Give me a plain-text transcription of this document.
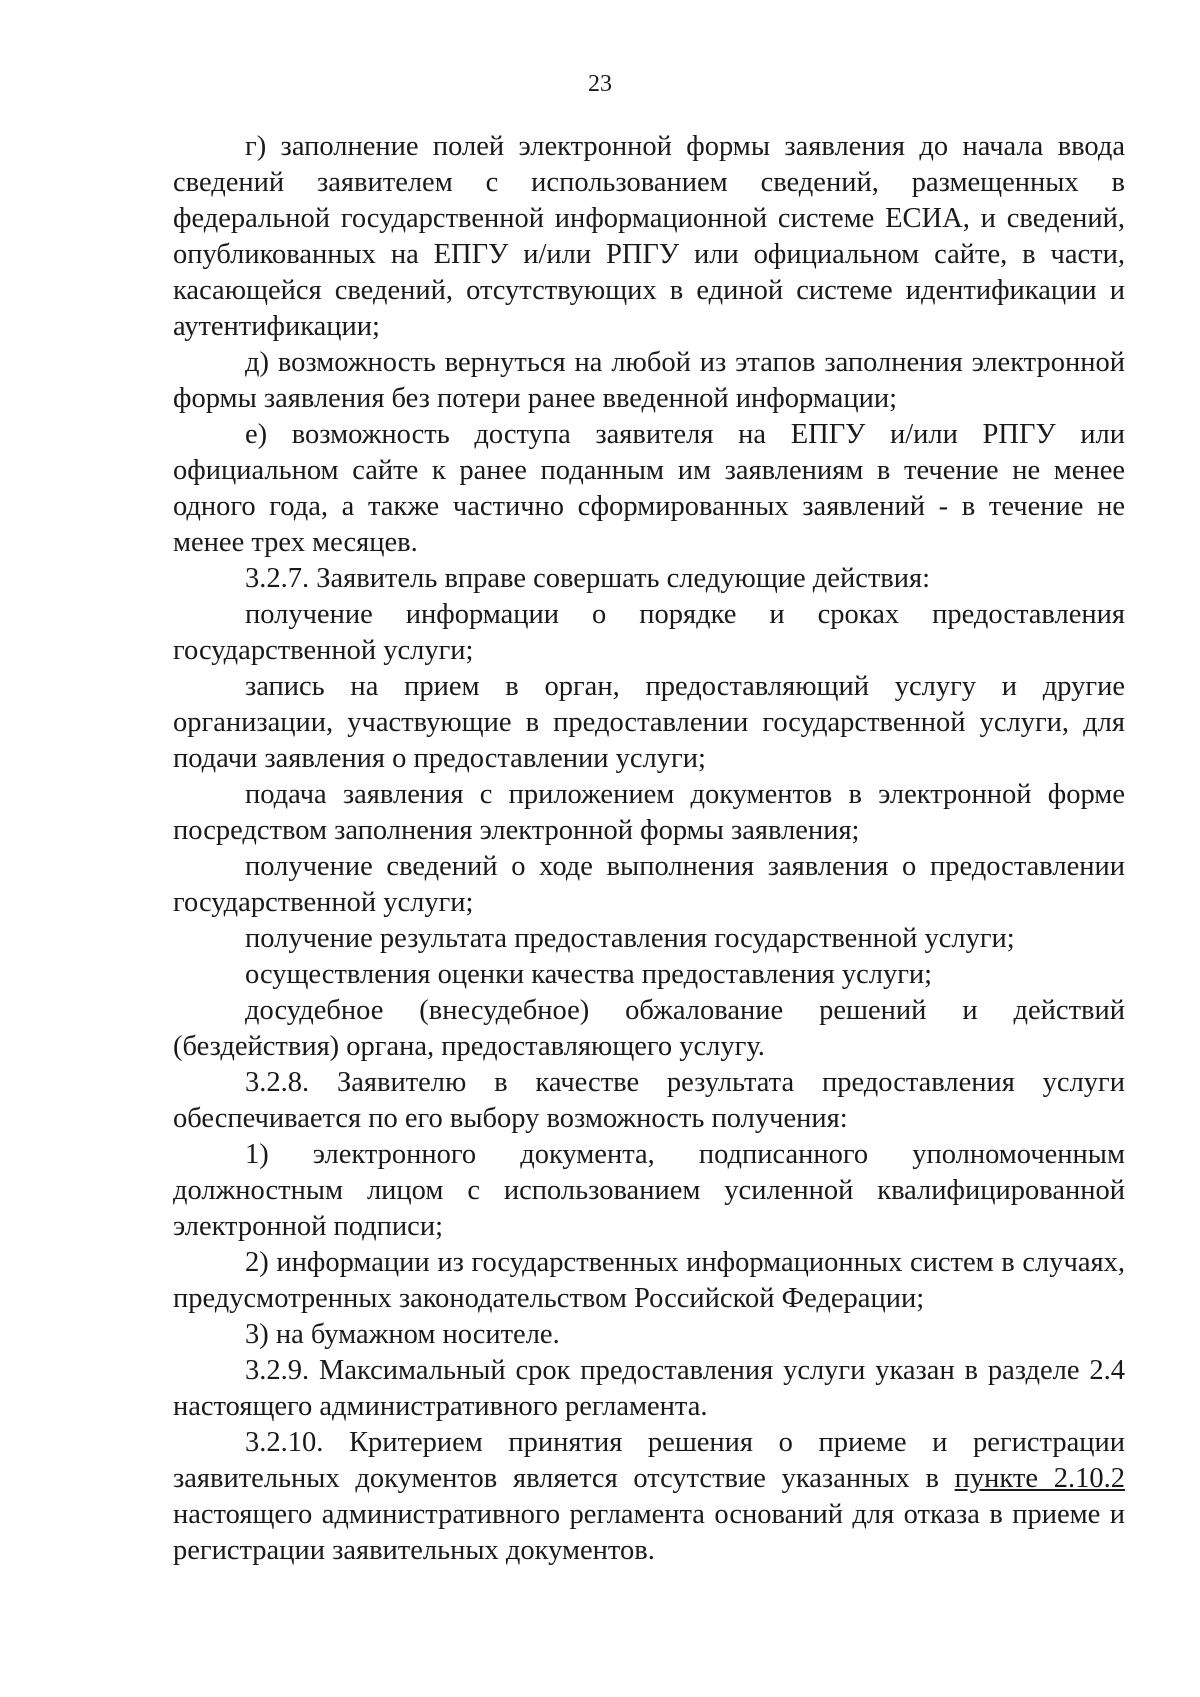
23

г) заполнение полей электронной формы заявления до начала ввода сведений заявителем с использованием сведений, размещенных в федеральной государственной информационной системе ЕСИА, и сведений, опубликованных на ЕПГУ и/или РПГУ или официальном сайте, в части, касающейся сведений, отсутствующих в единой системе идентификации и аутентификации;

д) возможность вернуться на любой из этапов заполнения электронной формы заявления без потери ранее введенной информации;

е) возможность доступа заявителя на ЕПГУ и/или РПГУ или официальном сайте к ранее поданным им заявлениям в течение не менее одного года, а также частично сформированных заявлений - в течение не менее трех месяцев.

3.2.7. Заявитель вправе совершать следующие действия:

получение информации о порядке и сроках предоставления государственной услуги;

запись на прием в орган, предоставляющий услугу и другие организации, участвующие в предоставлении государственной услуги, для подачи заявления о предоставлении услуги;

подача заявления с приложением документов в электронной форме посредством заполнения электронной формы заявления;

получение сведений о ходе выполнения заявления о предоставлении государственной услуги;

получение результата предоставления государственной услуги;

осуществления оценки качества предоставления услуги;

досудебное (внесудебное) обжалование решений и действий (бездействия) органа, предоставляющего услугу.

3.2.8. Заявителю в качестве результата предоставления услуги обеспечивается по его выбору возможность получения:

1) электронного документа, подписанного уполномоченным должностным лицом с использованием усиленной квалифицированной электронной подписи;

2) информации из государственных информационных систем в случаях, предусмотренных законодательством Российской Федерации;

3) на бумажном носителе.

3.2.9. Максимальный срок предоставления услуги указан в разделе 2.4 настоящего административного регламента.

3.2.10. Критерием принятия решения о приеме и регистрации заявительных документов является отсутствие указанных в пункте 2.10.2 настоящего административного регламента оснований для отказа в приеме и регистрации заявительных документов.
